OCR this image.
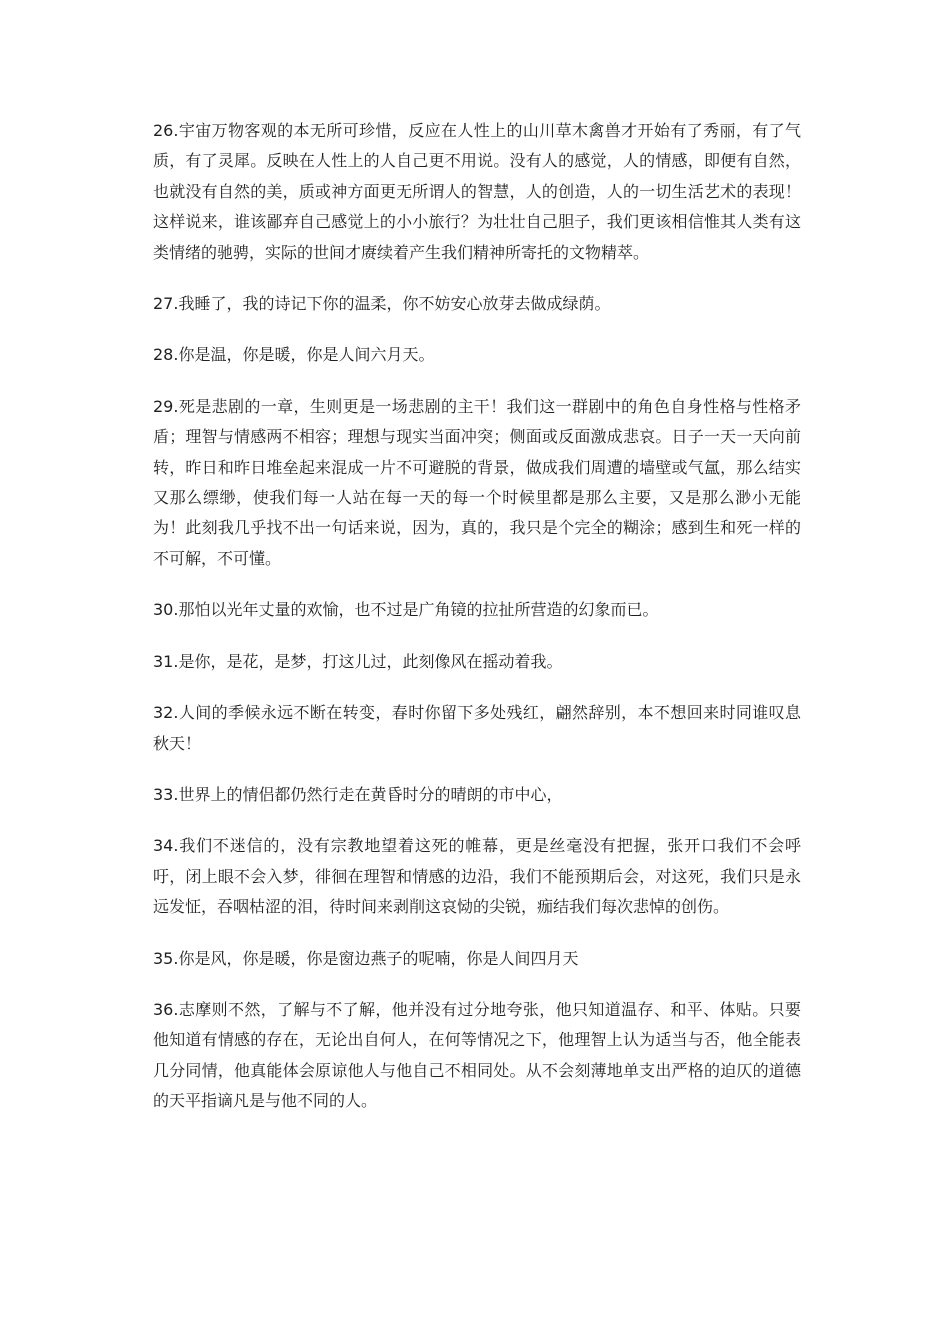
26.宇宙万物客观的本无所可珍惜，反应在人性上的山川草木禽兽才开始有了秀丽，有了气质，有了灵犀。反映在人性上的人自己更不用说。没有人的感觉，人的情感，即便有自然，也就没有自然的美，质或神方面更无所谓人的智慧，人的创造，人的一切生活艺术的表现！这样说来，谁该鄙弃自己感觉上的小小旅行？为壮壮自己胆子，我们更该相信惟其人类有这类情绪的驰骋，实际的世间才赓续着产生我们精神所寄托的文物精萃。

27.我睡了，我的诗记下你的温柔，你不妨安心放芽去做成绿荫。

28.你是温，你是暖，你是人间六月天。

29.死是悲剧的一章，生则更是一场悲剧的主干！我们这一群剧中的角色自身性格与性格矛盾；理智与情感两不相容；理想与现实当面冲突；侧面或反面激成悲哀。日子一天一天向前转，昨日和昨日堆垒起来混成一片不可避脱的背景，做成我们周遭的墙壁或气氲，那么结实又那么缥缈，使我们每一人站在每一天的每一个时候里都是那么主要，又是那么渺小无能为！此刻我几乎找不出一句话来说，因为，真的，我只是个完全的糊涂；感到生和死一样的不可解，不可懂。

30.那怕以光年丈量的欢愉，也不过是广角镜的拉扯所营造的幻象而已。

31.是你，是花，是梦，打这儿过，此刻像风在摇动着我。

32.人间的季候永远不断在转变，春时你留下多处残红，翩然辞别，本不想回来时同谁叹息秋天！

33.世界上的情侣都仍然行走在黄昏时分的晴朗的市中心，

34.我们不迷信的，没有宗教地望着这死的帷幕，更是丝毫没有把握，张开口我们不会呼吁，闭上眼不会入梦，徘徊在理智和情感的边沿，我们不能预期后会，对这死，我们只是永远发怔，吞咽枯涩的泪，待时间来剥削这哀恸的尖锐，痂结我们每次悲悼的创伤。

35.你是风，你是暖，你是窗边燕子的呢喃，你是人间四月天

36.志摩则不然，了解与不了解，他并没有过分地夸张，他只知道温存、和平、体贴。只要他知道有情感的存在，无论出自何人，在何等情况之下，他理智上认为适当与否，他全能表几分同情，他真能体会原谅他人与他自己不相同处。从不会刻薄地单支出严格的迫仄的道德的天平指谪凡是与他不同的人。
